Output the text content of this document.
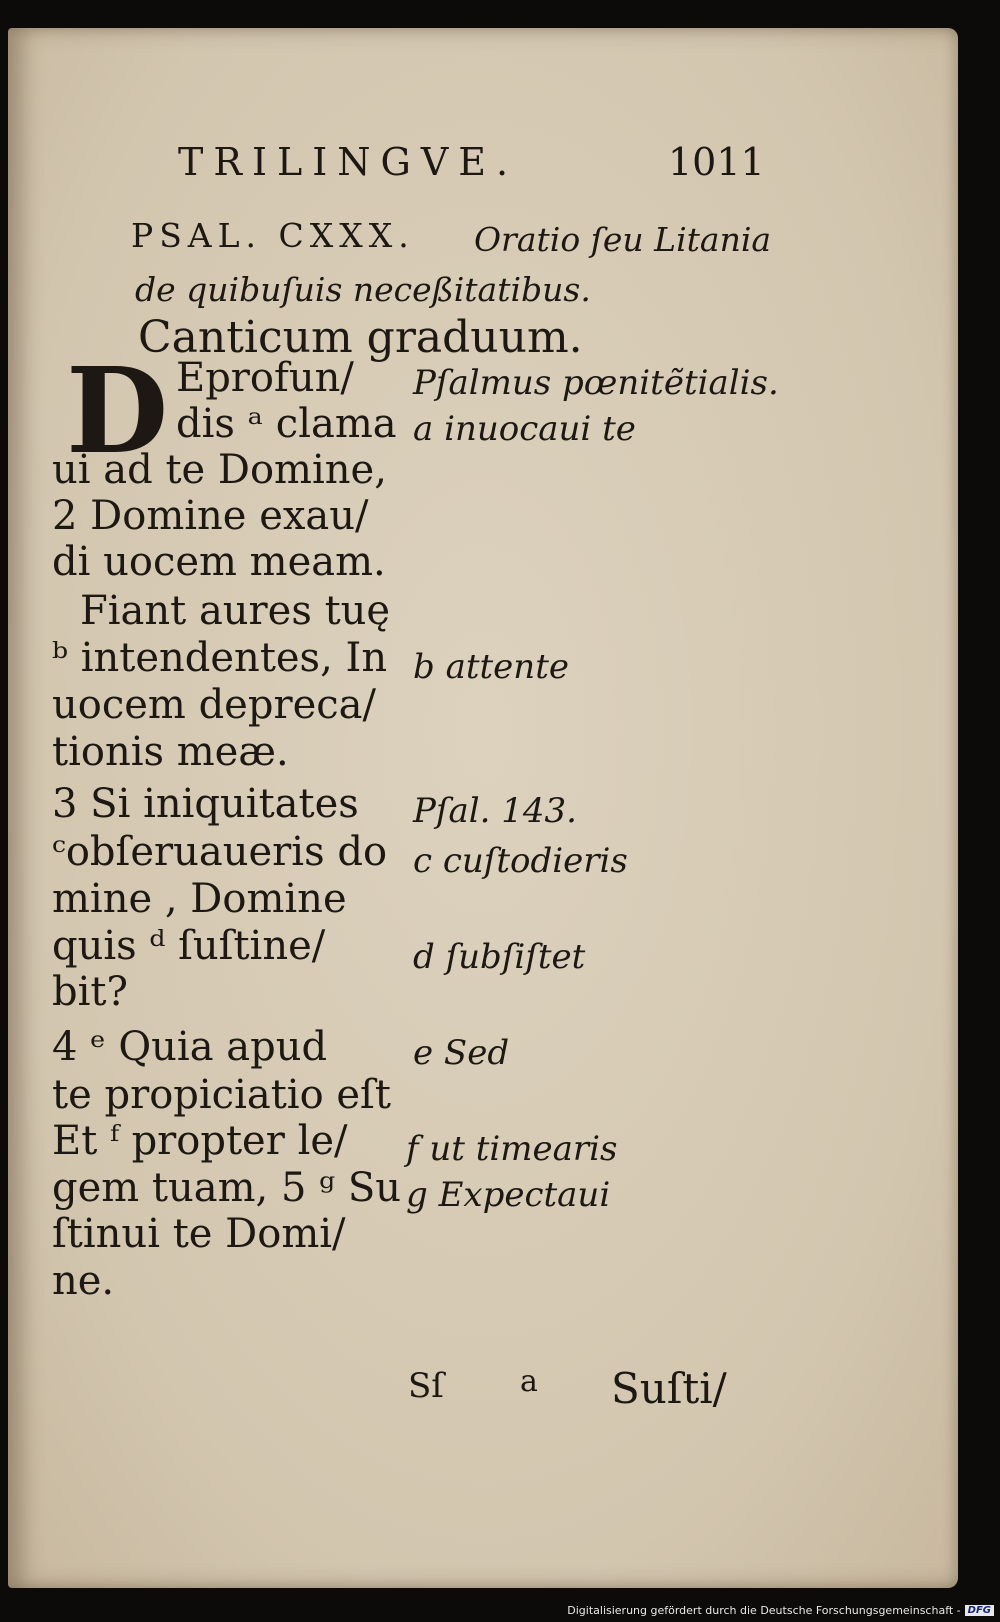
TRILINGVE.	1011
PSAL. CXXX. Oratio ſeu Litania
de quibuſuis neceßitatibus.
Canticum graduum.
D Eprofun/
dis ᵃ clama
ui ad te Domine,
2 Domine exau/
di uocem meam.
Fiant aures tuę
ᵇ intendentes, In
uocem depreca/
tionis meæ.
3 Si iniquitates
ᶜobſeruaueris do
mine , Domine
quis ᵈ ſuſtine/
bit?
4 ᵉ Quia apud
te propiciatio eſt
Et ᶠ propter le/
gem tuam, 5 ᵍ Su
ſtinui te Domi/
ne.
Pſalmus pœnitẽtialis.
a inuocaui te
b attente
Pſal. 143.
c cuſtodieris
d ſubſiſtet
e Sed
f ut timearis
g Expectaui
Sſ	a Suſti/
Digitalisierung gefördert durch die Deutsche Forschungsgemeinschaft - DFG
